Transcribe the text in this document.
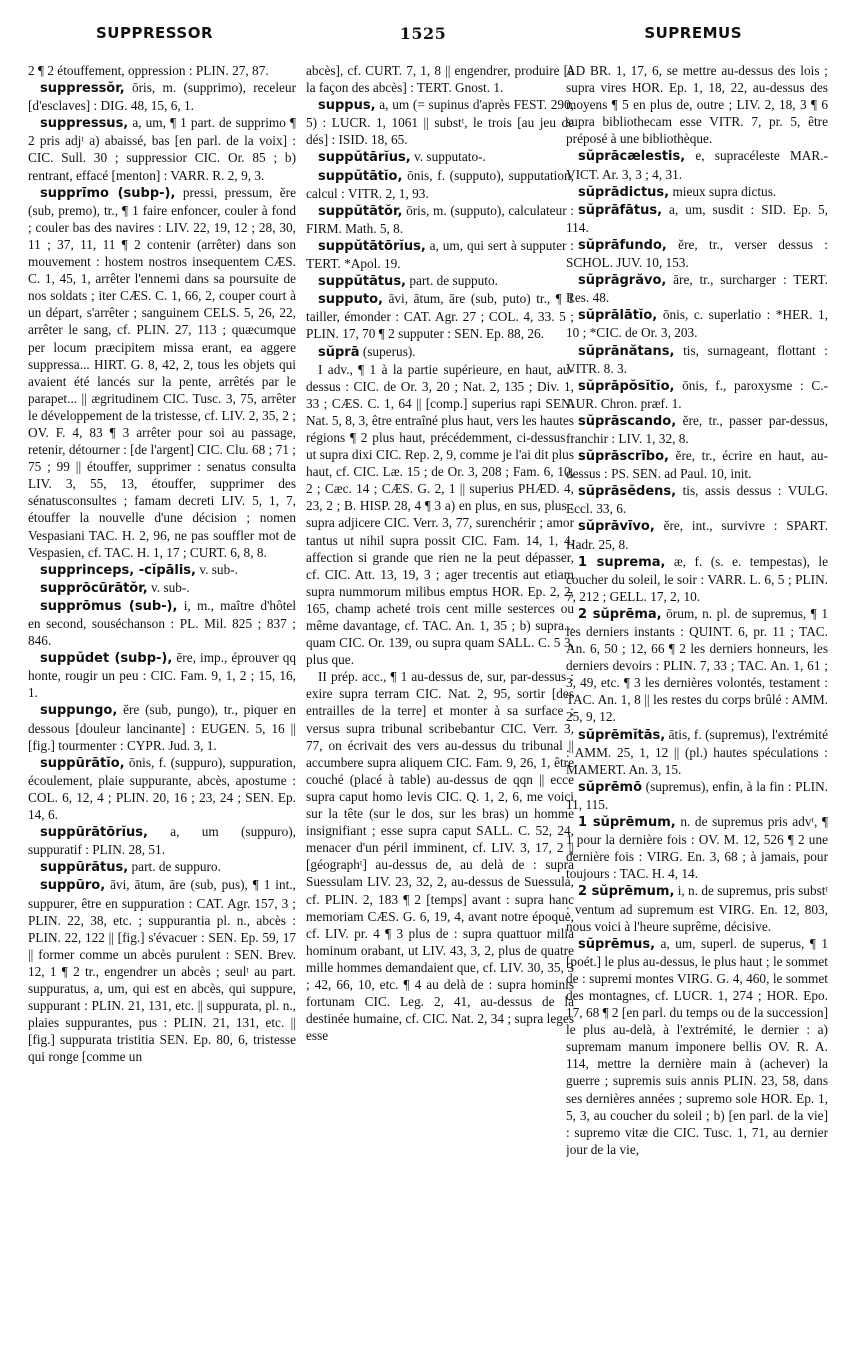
SUPPRESSOR	1525	SUPREMUS

2 ¶ 2 étouffement, oppression : PLIN. 27, 87.

suppressŏr, ōris, m. (supprimo), receleur [d'esclaves] : DIG. 48, 15, 6, 1.

suppressus, a, um, ¶ 1 part. de supprimo ¶ 2 pris adjᵗ a) abaissé, bas [en parl. de la voix] : CIC. Sull. 30 ; suppressior CIC. Or. 85 ; b) rentrant, effacé [menton] : VARR. R. 2, 9, 3.

supprīmo (subp-), pressi, pressum, ĕre (sub, premo), tr., ¶ 1 faire enfoncer, couler à fond ; couler bas des navires : LIV. 22, 19, 12 ; 28, 30, 11 ; 37, 11, 11 ¶ 2 contenir (arrêter) dans son mouvement : hostem nostros insequentem CÆS. C. 1, 45, 1, arrêter l'ennemi dans sa poursuite de nos soldats ; iter CÆS. C. 1, 66, 2, couper court à un départ, s'arrêter ; sanguinem CELS. 5, 26, 22, arrêter le sang, cf. PLIN. 27, 113 ; quæcumque per locum præcipitem missa erant, ea aggere suppressa... HIRT. G. 8, 42, 2, tous les objets qui avaient été lancés sur la pente, arrêtés par le parapet... || ægritudinem CIC. Tusc. 3, 75, arrêter le développement de la tristesse, cf. LIV. 2, 35, 2 ; OV. F. 4, 83 ¶ 3 arrêter pour soi au passage, retenir, détourner : [de l'argent] CIC. Clu. 68 ; 71 ; 75 ; 99 || étouffer, supprimer : senatus consulta LIV. 3, 55, 13, étouffer, supprimer des sénatusconsultes ; famam decreti LIV. 5, 1, 7, étouffer la nouvelle d'une décision ; nomen Vespasiani TAC. H. 2, 96, ne pas souffler mot de Vespasien, cf. TAC. H. 1, 17 ; CURT. 6, 8, 8.

supprinceps, -cĭpālis, v. sub-.

supprōcūrātŏr, v. sub-.

supprōmus (sub-), i, m., maître d'hôtel en second, souséchanson : PL. Mil. 825 ; 837 ; 846.

suppŭdet (subp-), ēre, imp., éprouver qq honte, rougir un peu : CIC. Fam. 9, 1, 2 ; 15, 16, 1.

suppungo, ĕre (sub, pungo), tr., piquer en dessous [douleur lancinante] : EUGEN. 5, 16 || [fig.] tourmenter : CYPR. Jud. 3, 1.

suppūrātĭo, ōnis, f. (suppuro), suppuration, écoulement, plaie suppurante, abcès, apostume : COL. 6, 12, 4 ; PLIN. 20, 16 ; 23, 24 ; SEN. Ep. 14, 6.

suppūrātōrĭus, a, um (suppuro), suppuratif : PLIN. 28, 51.

suppūrātus, part. de suppuro.

suppūro, āvi, ātum, āre (sub, pus), ¶ 1 int., suppurer, être en suppuration : CAT. Agr. 157, 3 ; PLIN. 22, 38, etc. ; suppurantia pl. n., abcès : PLIN. 22, 122 || [fig.] s'évacuer : SEN. Ep. 59, 17 || former comme un abcès purulent : SEN. Brev. 12, 1 ¶ 2 tr., engendrer un abcès ; seulᵗ au part. suppuratus, a, um, qui est en abcès, qui suppure, suppurant : PLIN. 21, 131, etc. || suppurata, pl. n., plaies suppurantes, pus : PLIN. 21, 131, etc. || [fig.] suppurata tristitia SEN. Ep. 80, 6, tristesse qui ronge [comme un

abcès], cf. CURT. 7, 1, 8 || engendrer, produire [à la façon des abcès] : TERT. Gnost. 1.

suppus, a, um (= supinus d'après FEST. 290, 5) : LUCR. 1, 1061 || substᵗ, le trois [au jeu de dés] : ISID. 18, 65.

suppŭtārĭus, v. supputato-.

suppŭtātĭo, ōnis, f. (supputo), supputation, calcul : VITR. 2, 1, 93.

suppŭtātŏr, ōris, m. (supputo), calculateur : FIRM. Math. 5, 8.

suppŭtātōrĭus, a, um, qui sert à supputer : TERT. *Apol. 19.

suppŭtātus, part. de supputo.

supputo, āvi, ātum, āre (sub, puto) tr., ¶ 1 tailler, émonder : CAT. Agr. 27 ; COL. 4, 33. 5 ; PLIN. 17, 70 ¶ 2 supputer : SEN. Ep. 88, 26.

sŭprā (superus).

I adv., ¶ 1 à la partie supérieure, en haut, au-dessus : CIC. de Or. 3, 20 ; Nat. 2, 135 ; Div. 1, 33 ; CÆS. C. 1, 64 || [comp.] superius rapi SEN. Nat. 5, 8, 3, être entraîné plus haut, vers les hautes régions ¶ 2 plus haut, précédemment, ci-dessus : ut supra dixi CIC. Rep. 2, 9, comme je l'ai dit plus haut, cf. CIC. Læ. 15 ; de Or. 3, 208 ; Fam. 6, 10, 2 ; Cæc. 14 ; CÆS. G. 2, 1 || superius PHÆD. 4, 23, 2 ; B. HISP. 28, 4 ¶ 3 a) en plus, en sus, plus : supra adjicere CIC. Verr. 3, 77, surenchérir ; amor tantus ut nihil supra possit CIC. Fam. 14, 1, 4, affection si grande que rien ne la peut dépasser, cf. CIC. Att. 13, 19, 3 ; ager trecentis aut etiam supra nummorum milibus emptus HOR. Ep. 2, 2, 165, champ acheté trois cent mille sesterces ou même davantage, cf. TAC. An. 1, 35 ; b) supra... quam CIC. Or. 139, ou supra quam SALL. C. 5 3, plus que.

II prép. acc., ¶ 1 au-dessus de, sur, par-dessus : exire supra terram CIC. Nat. 2, 95, sortir [des entrailles de la terre] et monter à sa surface ; versus supra tribunal scribebantur CIC. Verr. 3, 77, on écrivait des vers au-dessus du tribunal || accumbere supra aliquem CIC. Fam. 9, 26, 1, être couché (placé à table) au-dessus de qqn || ecce supra caput homo levis CIC. Q. 1, 2, 6, me voici sur la tête (sur le dos, sur les bras) un homme insignifiant ; esse supra caput SALL. C. 52, 24, menacer d'un péril imminent, cf. LIV. 3, 17, 2 || [géographᵗ] au-dessus de, au delà de : supra Suessulam LIV. 23, 32, 2, au-dessus de Suessula, cf. PLIN. 2, 183 ¶ 2 [temps] avant : supra hanc memoriam CÆS. G. 6, 19, 4, avant notre époque, cf. LIV. pr. 4 ¶ 3 plus de : supra quattuor milia hominum orabant, ut LIV. 43, 3, 2, plus de quatre mille hommes demandaient que, cf. LIV. 30, 35, 3 ; 42, 66, 10, etc. ¶ 4 au delà de : supra hominis fortunam CIC. Leg. 2, 41, au-dessus de la destinée humaine, cf. CIC. Nat. 2, 34 ; supra leges esse

AD BR. 1, 17, 6, se mettre au-dessus des lois ; supra vires HOR. Ep. 1, 18, 22, au-dessus des moyens ¶ 5 en plus de, outre ; LIV. 2, 18, 3 ¶ 6 supra bibliothecam esse VITR. 7, pr. 5, être préposé à une bibliothèque.

sŭprācælestis, e, supracéleste MAR.-VICT. Ar. 3, 3 ; 4, 31.

sŭprādictus, mieux supra dictus.

sŭprāfātus, a, um, susdit : SID. Ep. 5, 114.

sŭprāfundo, ĕre, tr., verser dessus : SCHOL. JUV. 10, 153.

sŭprāgrăvo, āre, tr., surcharger : TERT. Res. 48.

sŭprālātĭo, ōnis, c. superlatio : *HER. 1, 10 ; *CIC. de Or. 3, 203.

sŭprānătans, tis, surnageant, flottant : VITR. 8. 3.

sŭprāpŏsĭtĭo, ōnis, f., paroxysme : C.-AUR. Chron. præf. 1.

sŭprāscando, ĕre, tr., passer par-dessus, franchir : LIV. 1, 32, 8.

sŭprāscrībo, ĕre, tr., écrire en haut, au-dessus : PS. SEN. ad Paul. 10, init.

sŭprāsĕdens, tis, assis dessus : VULG. Eccl. 33, 6.

sŭprāvīvo, ĕre, int., survivre : SPART. Hadr. 25, 8.

1 suprema, æ, f. (s. e. tempestas), le coucher du soleil, le soir : VARR. L. 6, 5 ; PLIN. 7, 212 ; GELL. 17, 2, 10.

2 sŭprēma, ōrum, n. pl. de supremus, ¶ 1 les derniers instants : QUINT. 6, pr. 11 ; TAC. An. 6, 50 ; 12, 66 ¶ 2 les derniers honneurs, les derniers devoirs : PLIN. 7, 33 ; TAC. An. 1, 61 ; 3, 49, etc. ¶ 3 les dernières volontés, testament : TAC. An. 1, 8 || les restes du corps brûlé : AMM. 25, 9, 12.

sŭprēmĭtās, ātis, f. (supremus), l'extrémité : AMM. 25, 1, 12 || (pl.) hautes spéculations : MAMERT. An. 3, 15.

sŭprēmō (supremus), enfin, à la fin : PLIN. 11, 115.

1 sŭprēmum, n. de supremus pris advᵗ, ¶ 1 pour la dernière fois : OV. M. 12, 526 ¶ 2 une dernière fois : VIRG. En. 3, 68 ; à jamais, pour toujours : TAC. H. 4, 14.

2 sŭprēmum, i, n. de supremus, pris substᵗ : ventum ad supremum est VIRG. En. 12, 803, nous voici à l'heure suprême, décisive.

sŭprēmus, a, um, superl. de superus, ¶ 1 [poét.] le plus au-dessus, le plus haut ; le sommet de : supremi montes VIRG. G. 4, 460, le sommet des montagnes, cf. LUCR. 1, 274 ; HOR. Epo. 17, 68 ¶ 2 [en parl. du temps ou de la succession] le plus au-delà, à l'extrémité, le dernier : a) supremam manum imponere bellis OV. R. A. 114, mettre la dernière main à (achever) la guerre ; supremis suis annis PLIN. 23, 58, dans ses dernières années ; supremo sole HOR. Ep. 1, 5, 3, au coucher du soleil ; b) [en parl. de la vie] : supremo vitæ die CIC. Tusc. 1, 71, au dernier jour de la vie,
